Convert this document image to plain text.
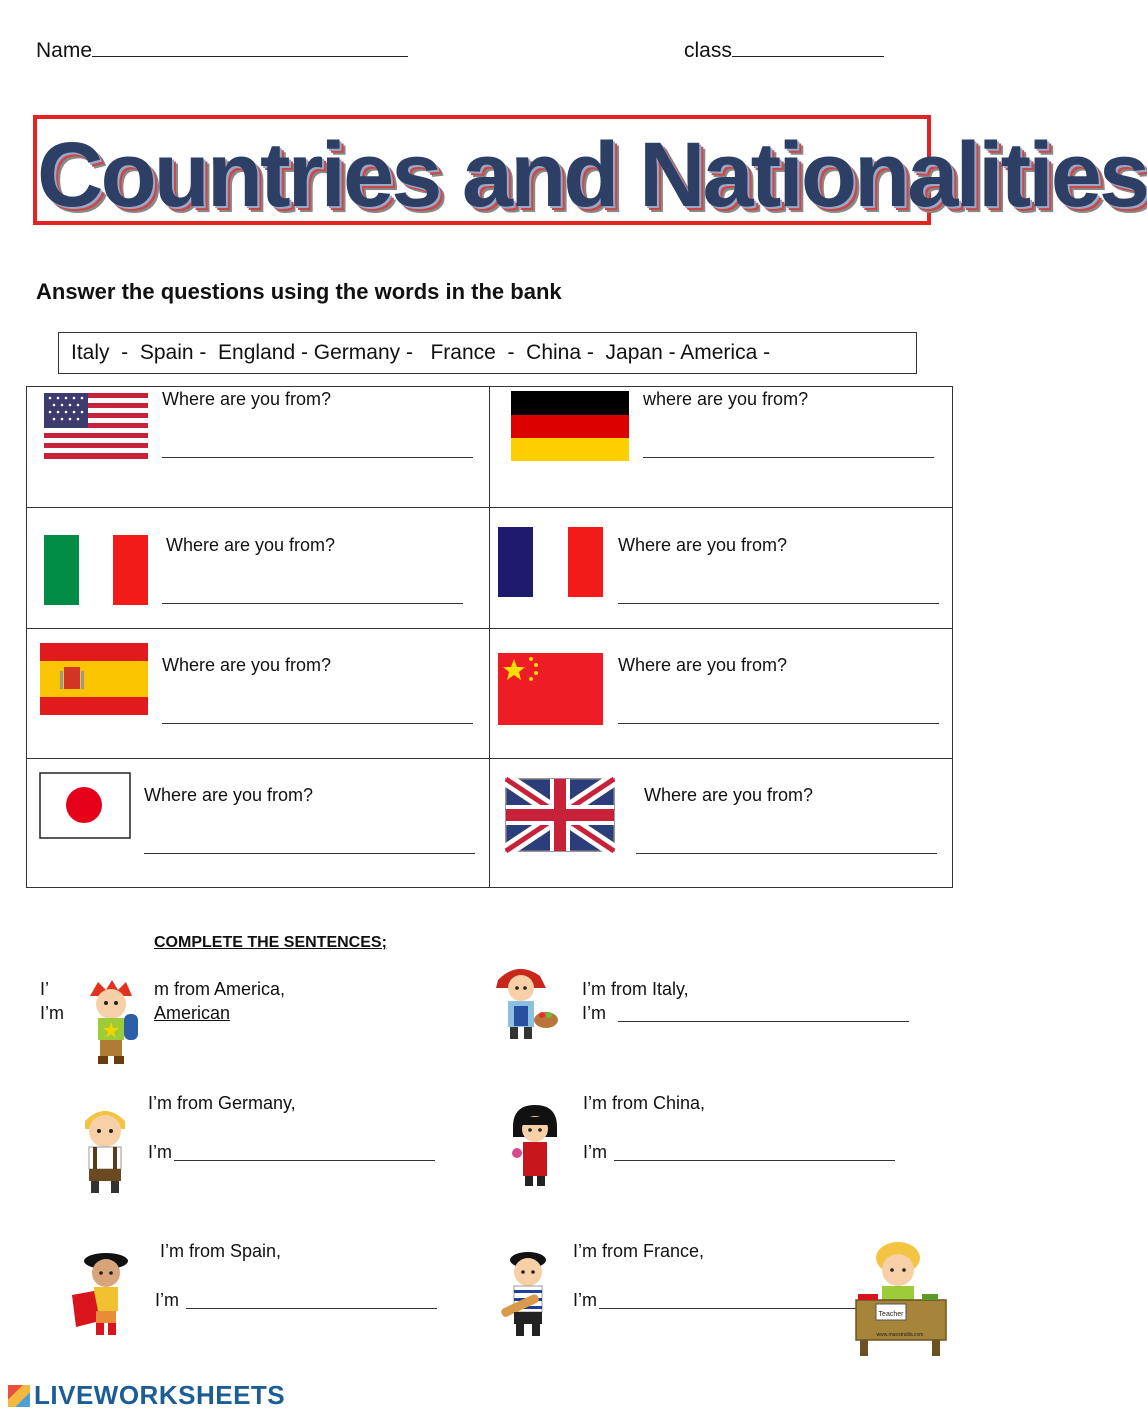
Name	class
Countries and Nationalities
Answer the questions using the words in the bank
Italy  -  Spain -  England - Germany -   France  -  China -  Japan - America -
Where are you from?	where are you from?
Where are you from?	Where are you from?
Where are you from?	Where are you from?
Where are you from?	Where are you from?
COMPLETE THE SENTENCES;
I’
I’m
m from America,
American
I’m from Italy,
I’m
I’m from Germany,
I’m
I’m from China,
I’m
I’m from Spain,
I’m
I’m from France,
I’m
Teacher
www.maestralila.com
LIVEWORKSHEETS
